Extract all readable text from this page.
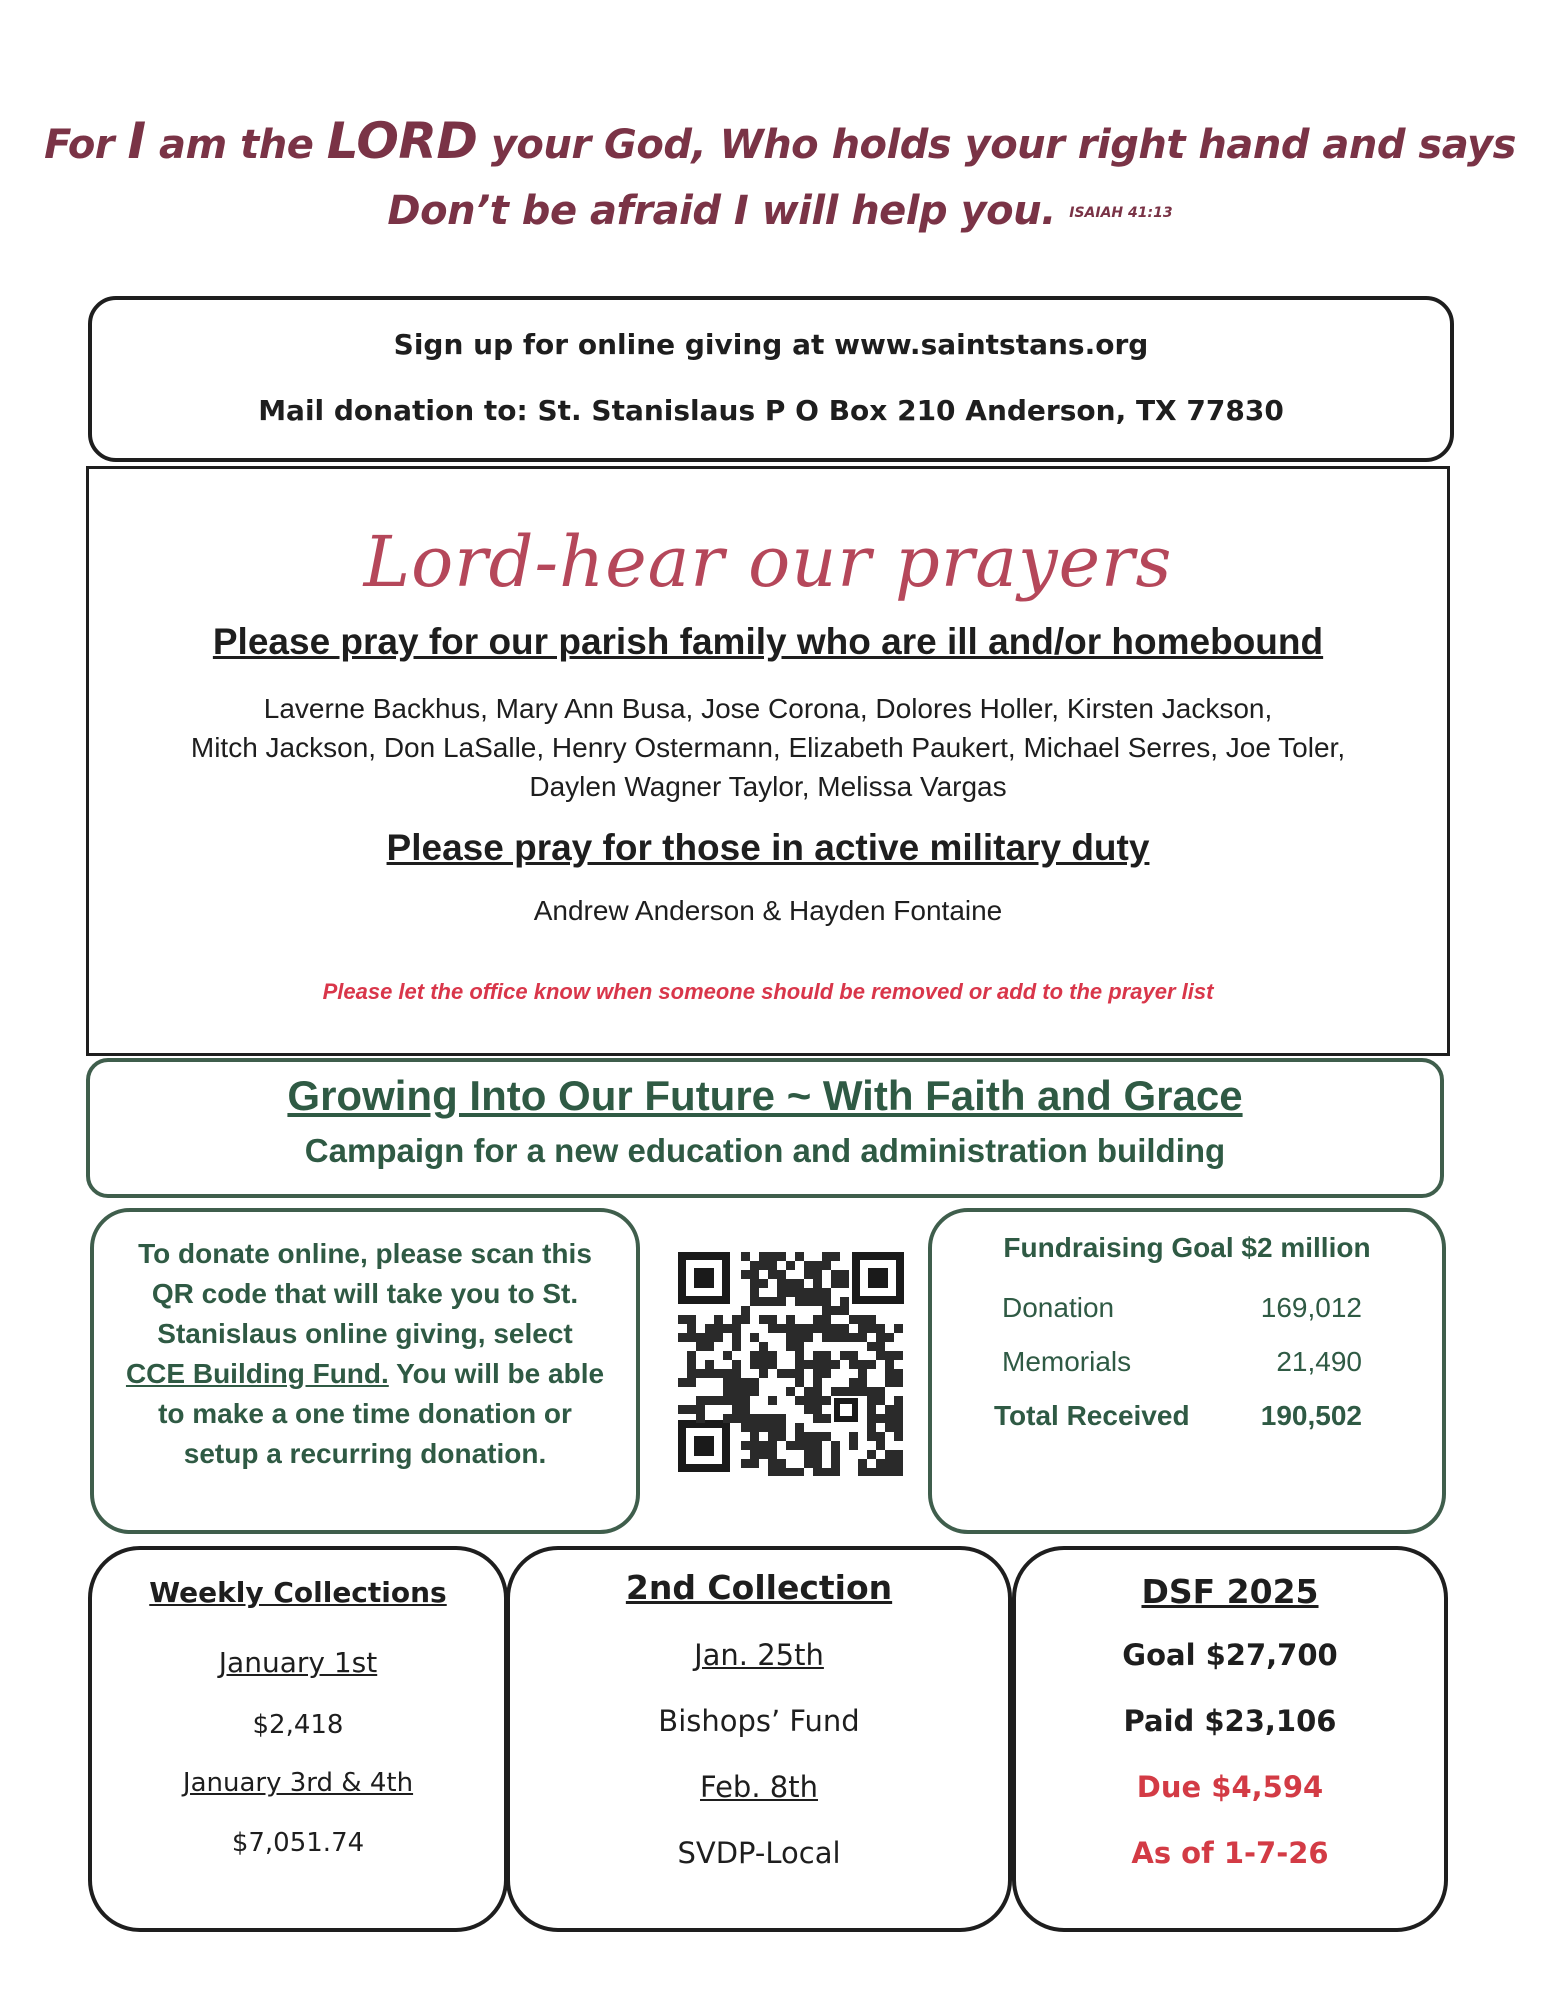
For I am the LORD your God, Who holds your right hand and says
Don’t be afraid I will help you. ISAIAH 41:13
Sign up for online giving at www.saintstans.org
Mail donation to: St. Stanislaus P O Box 210 Anderson, TX 77830
Lord-hear our prayers
Please pray for our parish family who are ill and/or homebound
Laverne Backhus, Mary Ann Busa, Jose Corona, Dolores Holler, Kirsten Jackson,
Mitch Jackson, Don LaSalle, Henry Ostermann, Elizabeth Paukert, Michael Serres, Joe Toler,
Daylen Wagner Taylor, Melissa Vargas
Please pray for those in active military duty
Andrew Anderson & Hayden Fontaine
Please let the office know when someone should be removed or add to the prayer list
Growing Into Our Future ~ With Faith and Grace
Campaign for a new education and administration building
To donate online, please scan this QR code that will take you to St. Stanislaus online giving, select CCE Building Fund. You will be able to make a one time donation or setup a recurring donation.
Fundraising Goal $2 million
Donation	169,012
Memorials	21,490
Total Received	190,502
Weekly Collections
January 1st
$2,418
January 3rd & 4th
$7,051.74
2nd Collection
Jan. 25th
Bishops’ Fund
Feb. 8th
SVDP-Local
DSF 2025
Goal $27,700
Paid $23,106
Due $4,594
As of 1-7-26
